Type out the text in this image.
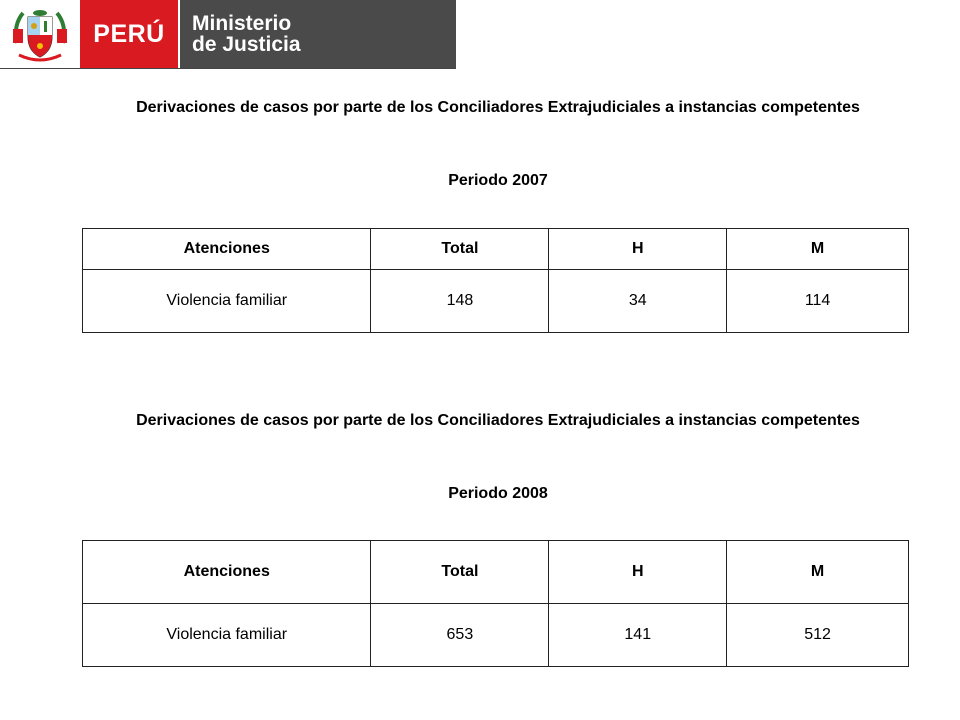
PERÚ Ministerio
de Justicia
Derivaciones de casos por parte de los Conciliadores Extrajudiciales a instancias competentes
Periodo 2007
Atenciones	Total	H	M
Violencia familiar	148	34	114
Derivaciones de casos por parte de los Conciliadores Extrajudiciales a instancias competentes
Periodo 2008
Atenciones	Total	H	M
Violencia familiar	653	141	512
